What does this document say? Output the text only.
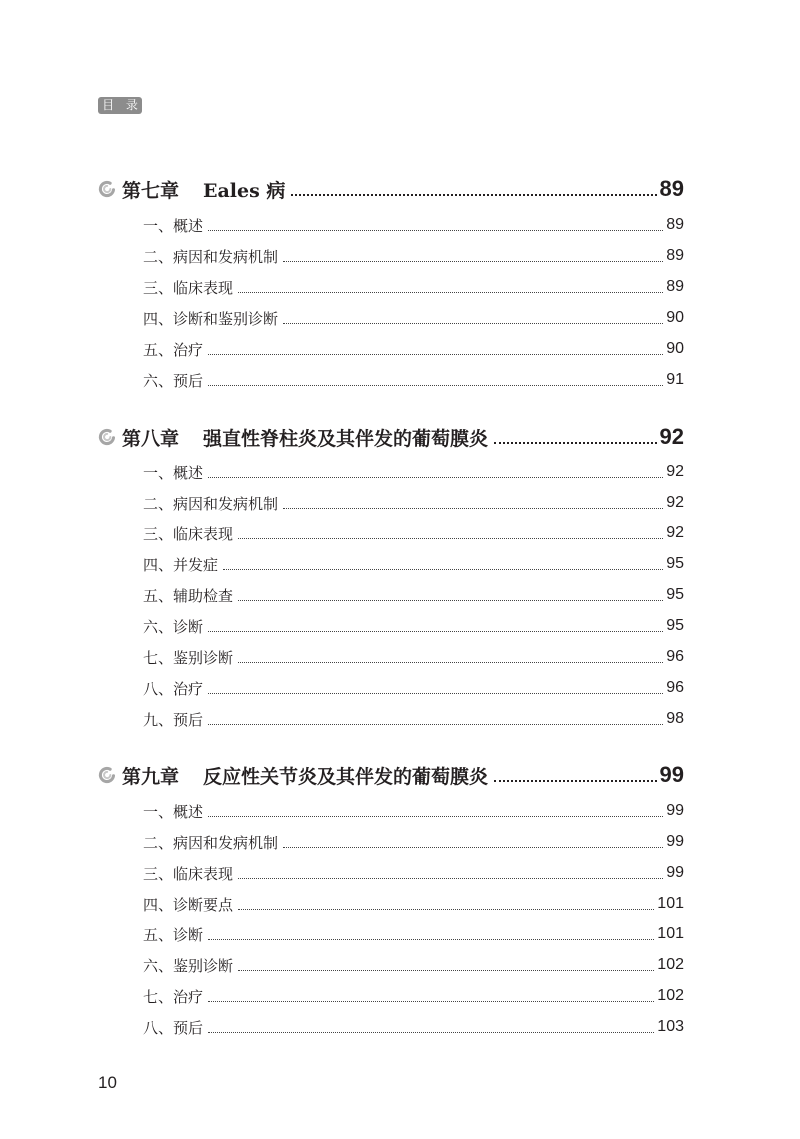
目 录
第七章 Eales 病	89
一、概述	89
二、病因和发病机制	89
三、临床表现	89
四、诊断和鉴别诊断	90
五、治疗	90
六、预后	91
第八章 强直性脊柱炎及其伴发的葡萄膜炎	92
一、概述	92
二、病因和发病机制	92
三、临床表现	92
四、并发症	95
五、辅助检查	95
六、诊断	95
七、鉴别诊断	96
八、治疗	96
九、预后	98
第九章 反应性关节炎及其伴发的葡萄膜炎	99
一、概述	99
二、病因和发病机制	99
三、临床表现	99
四、诊断要点	101
五、诊断	101
六、鉴别诊断	102
七、治疗	102
八、预后	103
10
